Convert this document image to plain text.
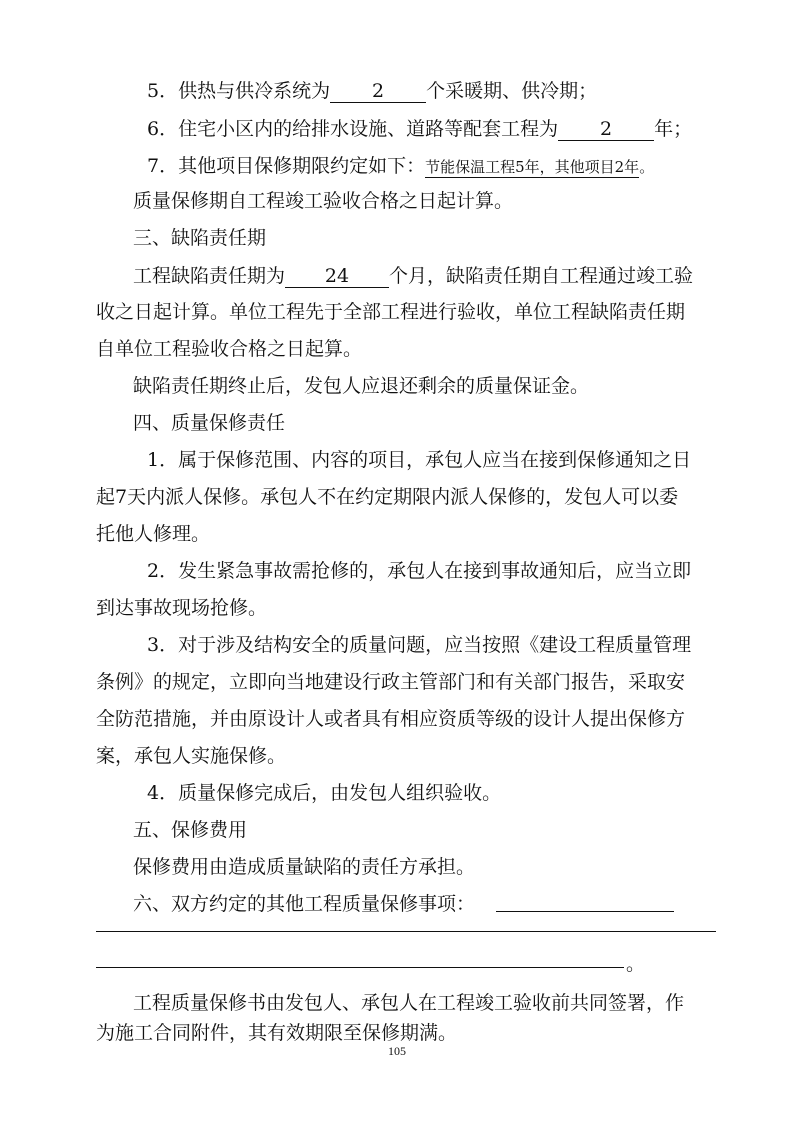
5．供热与供冷系统为 2 个采暖期、供冷期；
6．住宅小区内的给排水设施、道路等配套工程为 2 年；
7．其他项目保修期限约定如下：节能保温工程5年，其他项目2年。
质量保修期自工程竣工验收合格之日起计算。
三、缺陷责任期
工程缺陷责任期为 24 个月，缺陷责任期自工程通过竣工验
收之日起计算。单位工程先于全部工程进行验收，单位工程缺陷责任期
自单位工程验收合格之日起算。
缺陷责任期终止后，发包人应退还剩余的质量保证金。
四、质量保修责任
1．属于保修范围、内容的项目，承包人应当在接到保修通知之日
起7天内派人保修。承包人不在约定期限内派人保修的，发包人可以委
托他人修理。
2．发生紧急事故需抢修的，承包人在接到事故通知后，应当立即
到达事故现场抢修。
3．对于涉及结构安全的质量问题，应当按照《建设工程质量管理
条例》的规定，立即向当地建设行政主管部门和有关部门报告，采取安
全防范措施，并由原设计人或者具有相应资质等级的设计人提出保修方
案，承包人实施保修。
4．质量保修完成后，由发包人组织验收。
五、保修费用
保修费用由造成质量缺陷的责任方承担。
六、双方约定的其他工程质量保修事项：
。
工程质量保修书由发包人、承包人在工程竣工验收前共同签署，作
为施工合同附件，其有效期限至保修期满。
105
